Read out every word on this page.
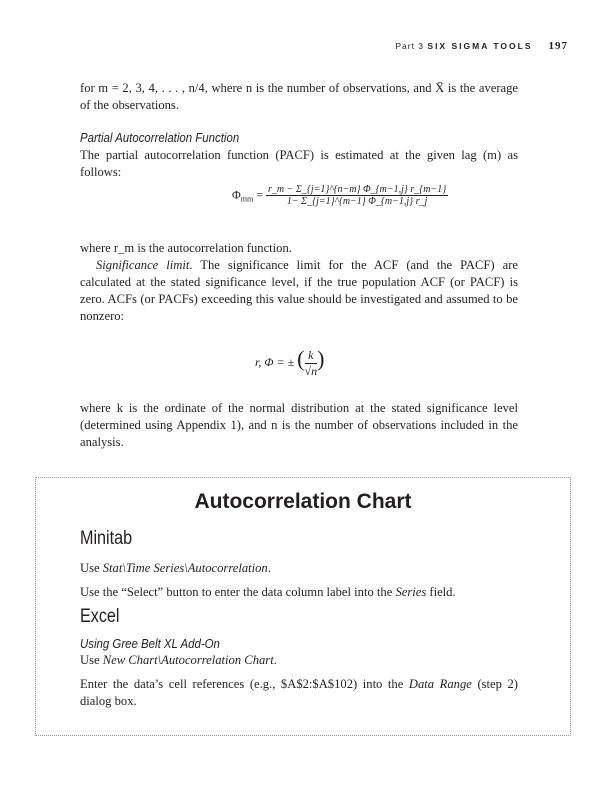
Part 3 SIX SIGMA TOOLS 197

for m = 2, 3, 4, . . . , n/4, where n is the number of observations, and X̄ is the average of the observations.

Partial Autocorrelation Function

The partial autocorrelation function (PACF) is estimated at the given lag (m) as follows:

$\Phi_{mm} = \frac{r\_m - \Sigma\_\{j=1\}\^{}\{n-m\} \Phi\_\{m-1,j\} r\_\{m-1\}}{1- \Sigma\_\{j=1\}\^{}\{m-1\} \Phi\_\{m-1,j\} r\_j}$

where r_m is the autocorrelation function.

Significance limit. The significance limit for the ACF (and the PACF) are calculated at the stated significance level, if the true population ACF (or PACF) is zero. ACFs (or PACFs) exceeding this value should be investigated and assumed to be nonzero:

r, Φ = ± ( $\frac{k}{√n}$ )

where k is the ordinate of the normal distribution at the stated significance level (determined using Appendix 1), and n is the number of observations included in the analysis.

Autocorrelation Chart
Minitab

Use Stat\Time Series\Autocorrelation.

Use the “Select” button to enter the data column label into the Series field.

Excel
Using Gree Belt XL Add-On

Use New Chart\Autocorrelation Chart.

Enter the data’s cell references (e.g., $A$2:$A$102) into the Data Range (step 2) dialog box.
